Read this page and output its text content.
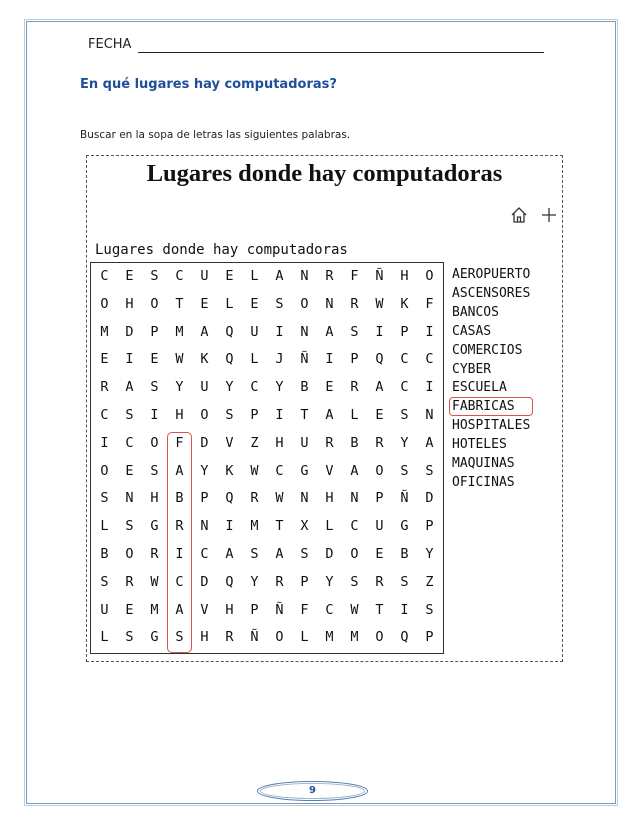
FECHA
En qué lugares hay computadoras?
Buscar en la sopa de letras las siguientes palabras.
Lugares donde hay computadoras
Lugares donde hay computadoras
C	E	S	C	U	E	L	A	N	R	F	Ñ	H	O
O	H	O	T	E	L	E	S	O	N	R	W	K	F
M	D	P	M	A	Q	U	I	N	A	S	I	P	I
E	I	E	W	K	Q	L	J	Ñ	I	P	Q	C	C
R	A	S	Y	U	Y	C	Y	B	E	R	A	C	I
C	S	I	H	O	S	P	I	T	A	L	E	S	N
I	C	O	F	D	V	Z	H	U	R	B	R	Y	A
O	E	S	A	Y	K	W	C	G	V	A	O	S	S
S	N	H	B	P	Q	R	W	N	H	N	P	Ñ	D
L	S	G	R	N	I	M	T	X	L	C	U	G	P
B	O	R	I	C	A	S	A	S	D	O	E	B	Y
S	R	W	C	D	Q	Y	R	P	Y	S	R	S	Z
U	E	M	A	V	H	P	Ñ	F	C	W	T	I	S
L	S	G	S	H	R	Ñ	O	L	M	M	O	Q	P
AEROPUERTO
ASCENSORES
BANCOS
CASAS
COMERCIOS
CYBER
ESCUELA
FABRICAS
HOSPITALES
HOTELES
MAQUINAS
OFICINAS
9
